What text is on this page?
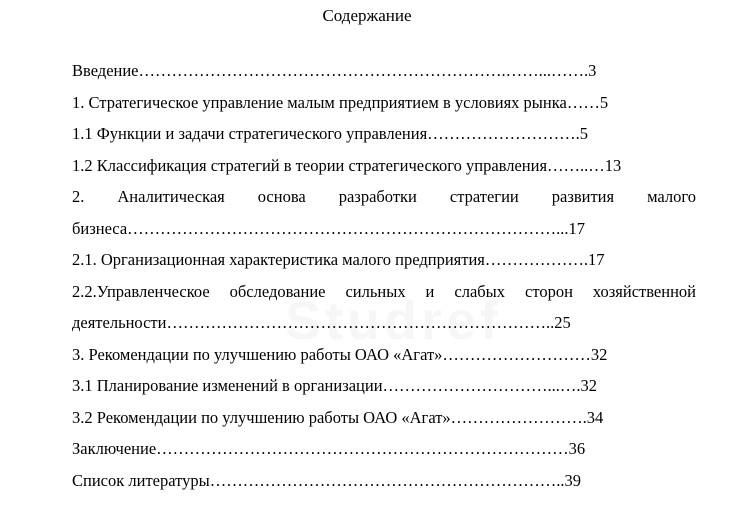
Содержание
Введение………………………………………………………….……...…….3
1. Стратегическое управление малым предприятием в условиях рынка……5
1.1 Функции и задачи стратегического управления……………………….5
1.2 Классификация стратегий в теории стратегического управления……..…13
2. Аналитическая основа разработки стратегии развития малого
бизнеса……………………………………………………………………...17
2.1. Организационная характеристика малого предприятия……………….17
2.2.Управленческое обследование сильных и слабых сторон хозяйственной
деятельности……………………………………………………………..25
3. Рекомендации по улучшению работы ОАО «Агат»………………………32
3.1 Планирование изменений в организации…………………………...….32
3.2 Рекомендации по улучшению работы ОАО «Агат»…………………….34
Заключение…………………………………………………………………36
Список литературы………………………………………………………..39
